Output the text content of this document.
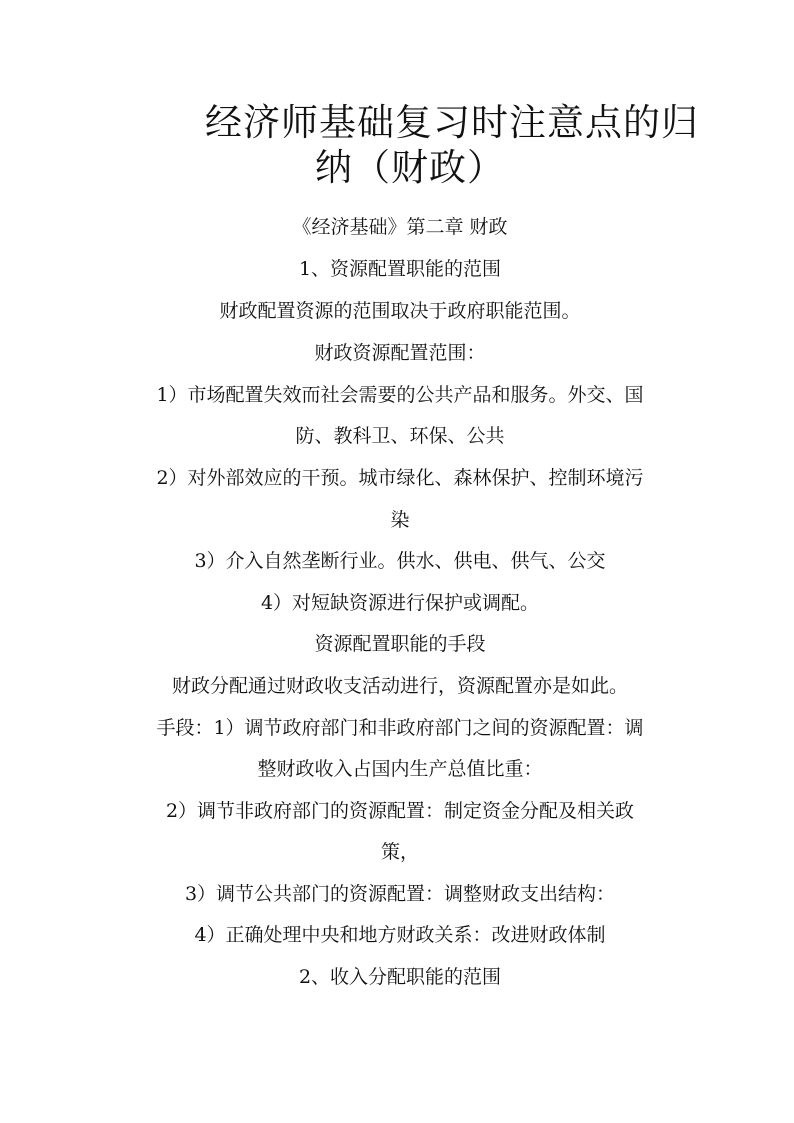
经济师基础复习时注意点的归
纳（财政）
《经济基础》第二章 财政
1、资源配置职能的范围
财政配置资源的范围取决于政府职能范围。
财政资源配置范围：
1）市场配置失效而社会需要的公共产品和服务。外交、国
防、教科卫、环保、公共
2）对外部效应的干预。城市绿化、森林保护、控制环境污
染
3）介入自然垄断行业。供水、供电、供气、公交
4）对短缺资源进行保护或调配。
资源配置职能的手段
财政分配通过财政收支活动进行，资源配置亦是如此。
手段：1）调节政府部门和非政府部门之间的资源配置：调
整财政收入占国内生产总值比重：
2）调节非政府部门的资源配置：制定资金分配及相关政
策，
3）调节公共部门的资源配置：调整财政支出结构：
4）正确处理中央和地方财政关系：改进财政体制
2、收入分配职能的范围
